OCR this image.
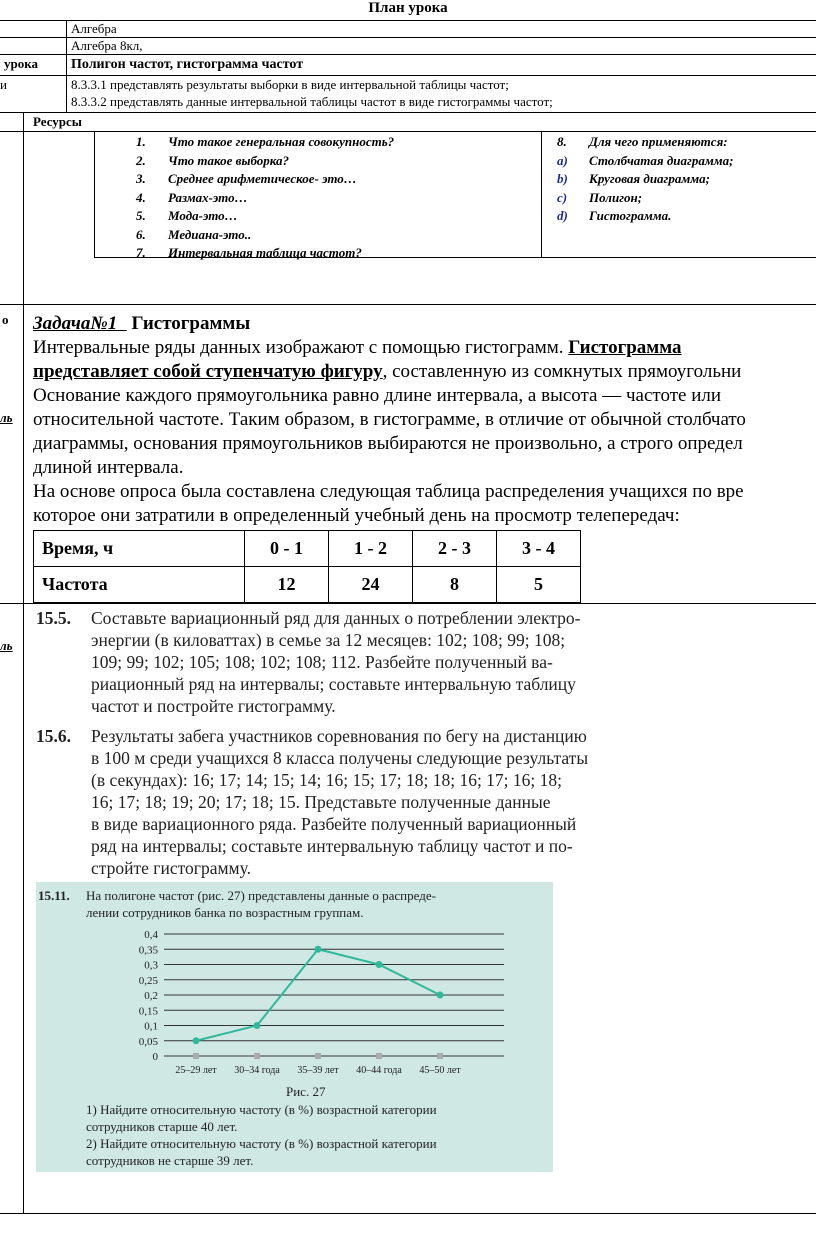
План урока
Алгебра
Алгебра 8кл,
урока Полигон частот, гистограмма частот
и	8.3.3.1 представлять результаты выборки в виде интервальной таблицы частот;
8.3.3.2 представлять данные интервальной таблицы частот в виде гистограммы частот;
Ресурсы
1. Что такое генеральная совокупность?
2. Что такое выборка?
3. Среднее арифметическое- это…
4. Размах-это…
5. Мода-это…
6. Медиана-это..
7. Интервальная таблица частот?
8. Для чего применяются:
a) Столбчатая диаграмма;
b) Круговая диаграмма;
c) Полигон;
d) Гистограмма.
о
ль
ль
Задача№1 Гистограммы
Интервальные ряды данных изображают с помощью гистограмм. Гистограмма
представляет собой ступенчатую фигуру, составленную из сомкнутых прямоугольни
Основание каждого прямоугольника равно длине интервала, а высота — частоте или
относительной частоте. Таким образом, в гистограмме, в отличие от обычной столбчато
диаграммы, основания прямоугольников выбираются не произвольно, а строго определ
длиной интервала.
На основе опроса была составлена следующая таблица распределения учащихся по вре
которое они затратили в определенный учебный день на просмотр телепередач:
Время, ч	0 - 1	1 - 2	2 - 3	3 - 4
Частота	12	24	8	5
15.5. Составьте вариационный ряд для данных о потреблении электро-
энергии (в киловаттах) в семье за 12 месяцев: 102; 108; 99; 108;
109; 99; 102; 105; 108; 102; 108; 112. Разбейте полученный ва-
риационный ряд на интервалы; составьте интервальную таблицу
частот и постройте гистограмму.
15.6. Результаты забега участников соревнования по бегу на дистанцию
в 100 м среди учащихся 8 класса получены следующие результаты
(в секундах): 16; 17; 14; 15; 14; 16; 15; 17; 18; 18; 16; 17; 16; 18;
16; 17; 18; 19; 20; 17; 18; 15. Представьте полученные данные
в виде вариационного ряда. Разбейте полученный вариационный
ряд на интервалы; составьте интервальную таблицу частот и по-
стройте гистограмму.
15.11. На полигоне частот (рис. 27) представлены данные о распреде-
лении сотрудников банка по возрастным группам.
0
0,05
0,1
0,15
0,2
0,25
0,3
0,35
0,4
25–29 лет 30–34 года 35–39 лет 40–44 года 45–50 лет
Рис. 27
1) Найдите относительную частоту (в %) возрастной категории
сотрудников старше 40 лет.
2) Найдите относительную частоту (в %) возрастной категории
сотрудников не старше 39 лет.
